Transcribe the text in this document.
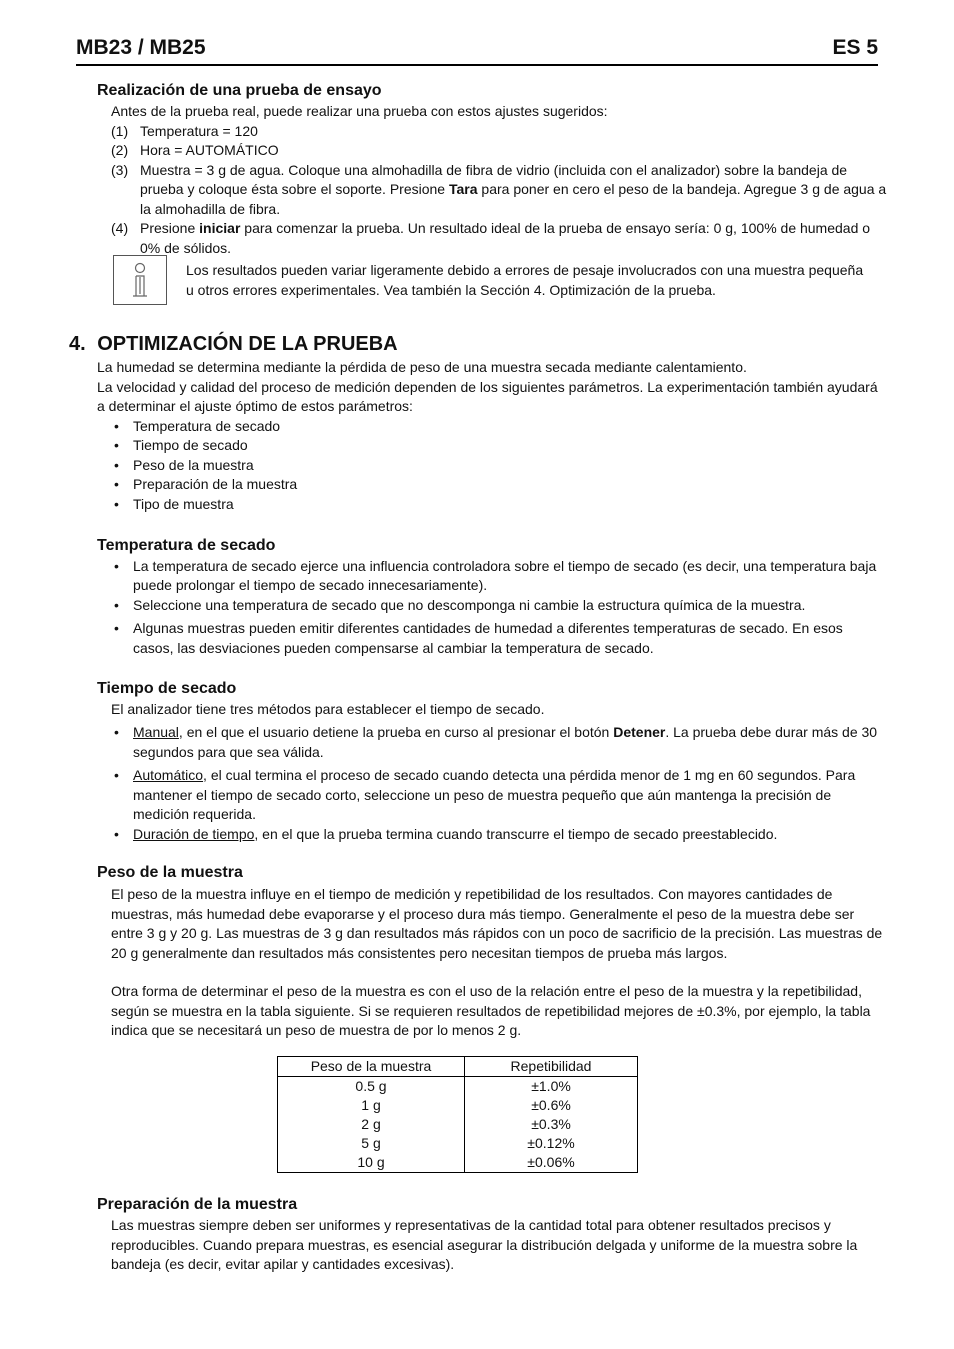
MB23 / MB25	ES 5
Realización de una prueba de ensayo
Antes de la prueba real, puede realizar una prueba con estos ajustes sugeridos:
(1) Temperatura = 120
(2) Hora = AUTOMÁTICO
(3) Muestra = 3 g de agua. Coloque una almohadilla de fibra de vidrio (incluida con el analizador) sobre la bandeja de prueba y coloque ésta sobre el soporte. Presione Tara para poner en cero el peso de la bandeja. Agregue 3 g de agua a la almohadilla de fibra.
(4) Presione iniciar para comenzar la prueba. Un resultado ideal de la prueba de ensayo sería: 0 g, 100% de humedad o 0% de sólidos.
Los resultados pueden variar ligeramente debido a errores de pesaje involucrados con una muestra pequeña u otros errores experimentales. Vea también la Sección 4. Optimización de la prueba.
4. OPTIMIZACIÓN DE LA PRUEBA
La humedad se determina mediante la pérdida de peso de una muestra secada mediante calentamiento.
La velocidad y calidad del proceso de medición dependen de los siguientes parámetros. La experimentación también ayudará a determinar el ajuste óptimo de estos parámetros:
• Temperatura de secado
• Tiempo de secado
• Peso de la muestra
• Preparación de la muestra
• Tipo de muestra
Temperatura de secado
• La temperatura de secado ejerce una influencia controladora sobre el tiempo de secado (es decir, una temperatura baja puede prolongar el tiempo de secado innecesariamente).
• Seleccione una temperatura de secado que no descomponga ni cambie la estructura química de la muestra.
• Algunas muestras pueden emitir diferentes cantidades de humedad a diferentes temperaturas de secado. En esos casos, las desviaciones pueden compensarse al cambiar la temperatura de secado.
Tiempo de secado
El analizador tiene tres métodos para establecer el tiempo de secado.
• Manual, en el que el usuario detiene la prueba en curso al presionar el botón Detener. La prueba debe durar más de 30 segundos para que sea válida.
• Automático, el cual termina el proceso de secado cuando detecta una pérdida menor de 1 mg en 60 segundos. Para mantener el tiempo de secado corto, seleccione un peso de muestra pequeño que aún mantenga la precisión de medición requerida.
• Duración de tiempo, en el que la prueba termina cuando transcurre el tiempo de secado preestablecido.
Peso de la muestra
El peso de la muestra influye en el tiempo de medición y repetibilidad de los resultados. Con mayores cantidades de muestras, más humedad debe evaporarse y el proceso dura más tiempo. Generalmente el peso de la muestra debe ser entre 3 g y 20 g. Las muestras de 3 g dan resultados más rápidos con un poco de sacrificio de la precisión. Las muestras de 20 g generalmente dan resultados más consistentes pero necesitan tiempos de prueba más largos.
Otra forma de determinar el peso de la muestra es con el uso de la relación entre el peso de la muestra y la repetibilidad, según se muestra en la tabla siguiente. Si se requieren resultados de repetibilidad mejores de ±0.3%, por ejemplo, la tabla indica que se necesitará un peso de muestra de por lo menos 2 g.
Peso de la muestra	Repetibilidad
0.5 g	±1.0%
1 g	±0.6%
2 g	±0.3%
5 g	±0.12%
10 g	±0.06%
Preparación de la muestra
Las muestras siempre deben ser uniformes y representativas de la cantidad total para obtener resultados precisos y reproducibles. Cuando prepara muestras, es esencial asegurar la distribución delgada y uniforme de la muestra sobre la bandeja (es decir, evitar apilar y cantidades excesivas).
